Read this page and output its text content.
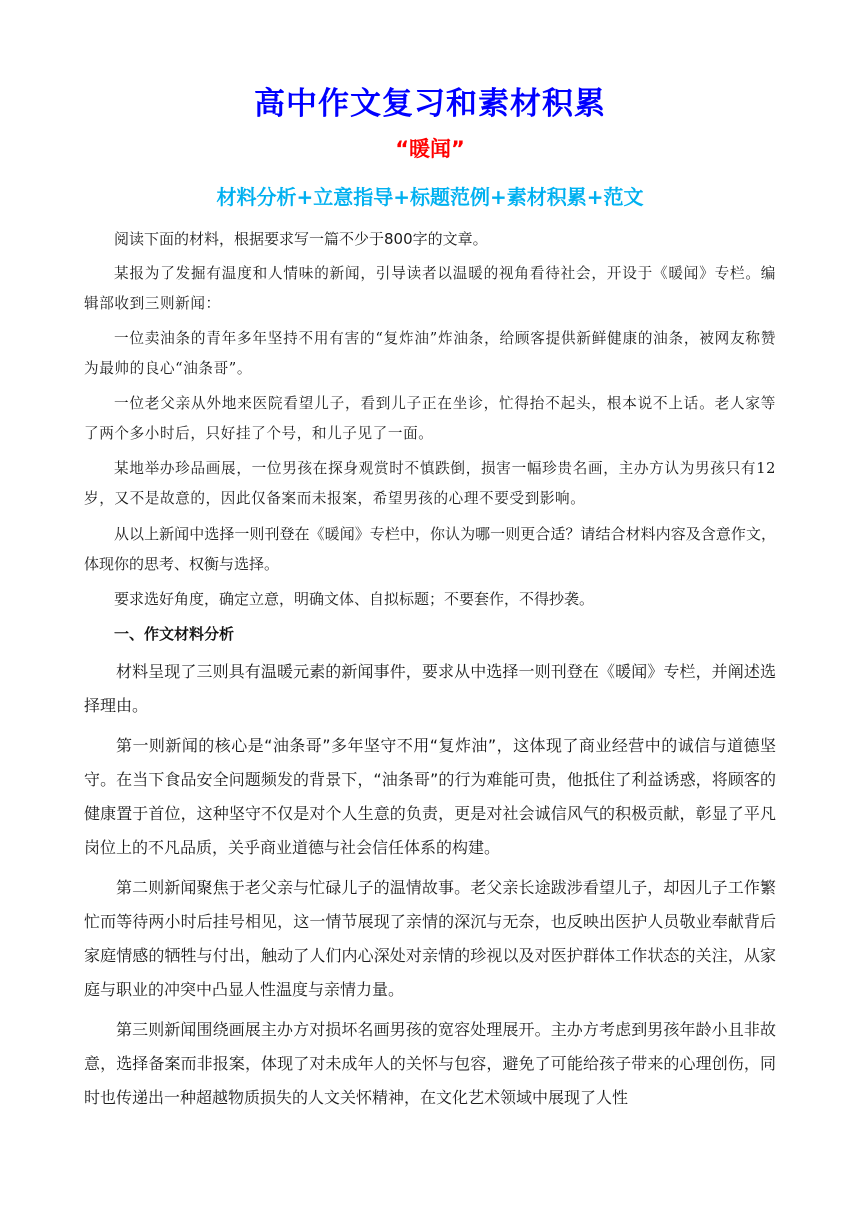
高中作文复习和素材积累
“暖闻”
材料分析+立意指导+标题范例+素材积累+范文

阅读下面的材料，根据要求写一篇不少于800字的文章。

某报为了发掘有温度和人情味的新闻，引导读者以温暖的视角看待社会，开设于《暖闻》专栏。编辑部收到三则新闻：

一位卖油条的青年多年坚持不用有害的“复炸油”炸油条，给顾客提供新鲜健康的油条，被网友称赞为最帅的良心“油条哥”。

一位老父亲从外地来医院看望儿子，看到儿子正在坐诊，忙得抬不起头，根本说不上话。老人家等了两个多小时后，只好挂了个号，和儿子见了一面。

某地举办珍品画展，一位男孩在探身观赏时不慎跌倒，损害一幅珍贵名画，主办方认为男孩只有12岁，又不是故意的，因此仅备案而未报案，希望男孩的心理不要受到影响。

从以上新闻中选择一则刊登在《暖闻》专栏中，你认为哪一则更合适？请结合材料内容及含意作文，体现你的思考、权衡与选择。

要求选好角度，确定立意，明确文体、自拟标题；不要套作，不得抄袭。

一、作文材料分析

材料呈现了三则具有温暖元素的新闻事件，要求从中选择一则刊登在《暖闻》专栏，并阐述选择理由。

第一则新闻的核心是“油条哥”多年坚守不用“复炸油”，这体现了商业经营中的诚信与道德坚守。在当下食品安全问题频发的背景下，“油条哥”的行为难能可贵，他抵住了利益诱惑，将顾客的健康置于首位，这种坚守不仅是对个人生意的负责，更是对社会诚信风气的积极贡献，彰显了平凡岗位上的不凡品质，关乎商业道德与社会信任体系的构建。

第二则新闻聚焦于老父亲与忙碌儿子的温情故事。老父亲长途跋涉看望儿子，却因儿子工作繁忙而等待两小时后挂号相见，这一情节展现了亲情的深沉与无奈，也反映出医护人员敬业奉献背后家庭情感的牺牲与付出，触动了人们内心深处对亲情的珍视以及对医护群体工作状态的关注，从家庭与职业的冲突中凸显人性温度与亲情力量。

第三则新闻围绕画展主办方对损坏名画男孩的宽容处理展开。主办方考虑到男孩年龄小且非故意，选择备案而非报案，体现了对未成年人的关怀与包容，避免了可能给孩子带来的心理创伤，同时也传递出一种超越物质损失的人文关怀精神，在文化艺术领域中展现了人性
